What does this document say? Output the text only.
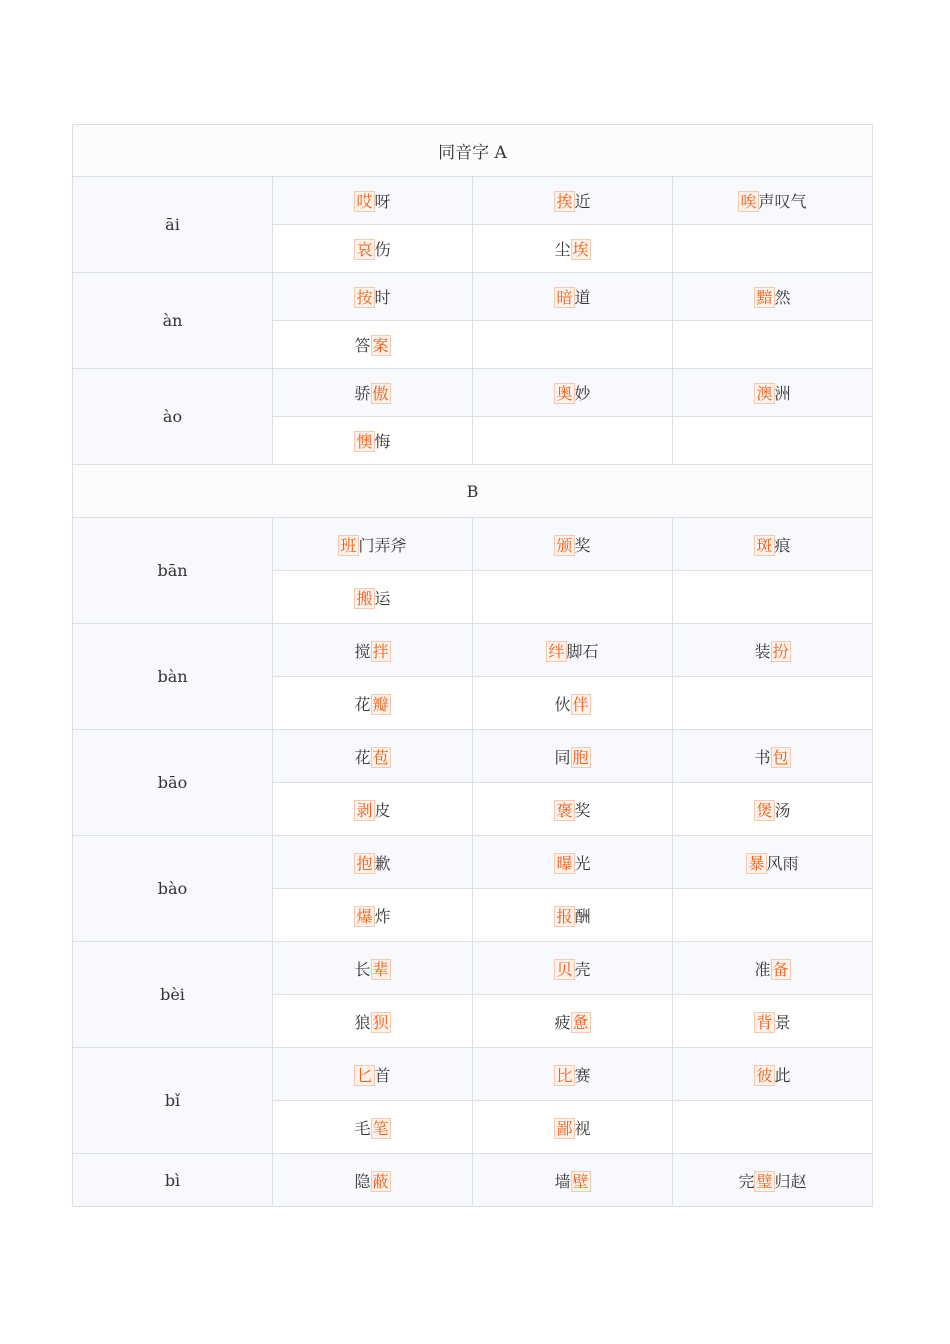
同音字 A			
āi	哎 呀	挨 近	唉 声叹气
	哀 伤	尘 埃	
àn	按 时	暗 道	黯 然
	答 案		
ào	骄 傲	奥 妙	澳 洲
	懊 悔		
B			
bān	班 门弄斧	颁 奖	斑 痕
	搬 运		
bàn	搅 拌	绊 脚石	装 扮
	花 瓣	伙 伴	
bāo	花 苞	同 胞	书 包
	剥 皮	褒 奖	煲 汤
bào	抱 歉	曝 光	暴 风雨
	爆 炸	报 酬	
bèi	长 辈	贝 壳	准 备
	狼 狈	疲 惫	背 景
bǐ	匕 首	比 赛	彼 此
	毛 笔	鄙 视	
bì	隐 蔽	墙 壁	完 璧 归赵
